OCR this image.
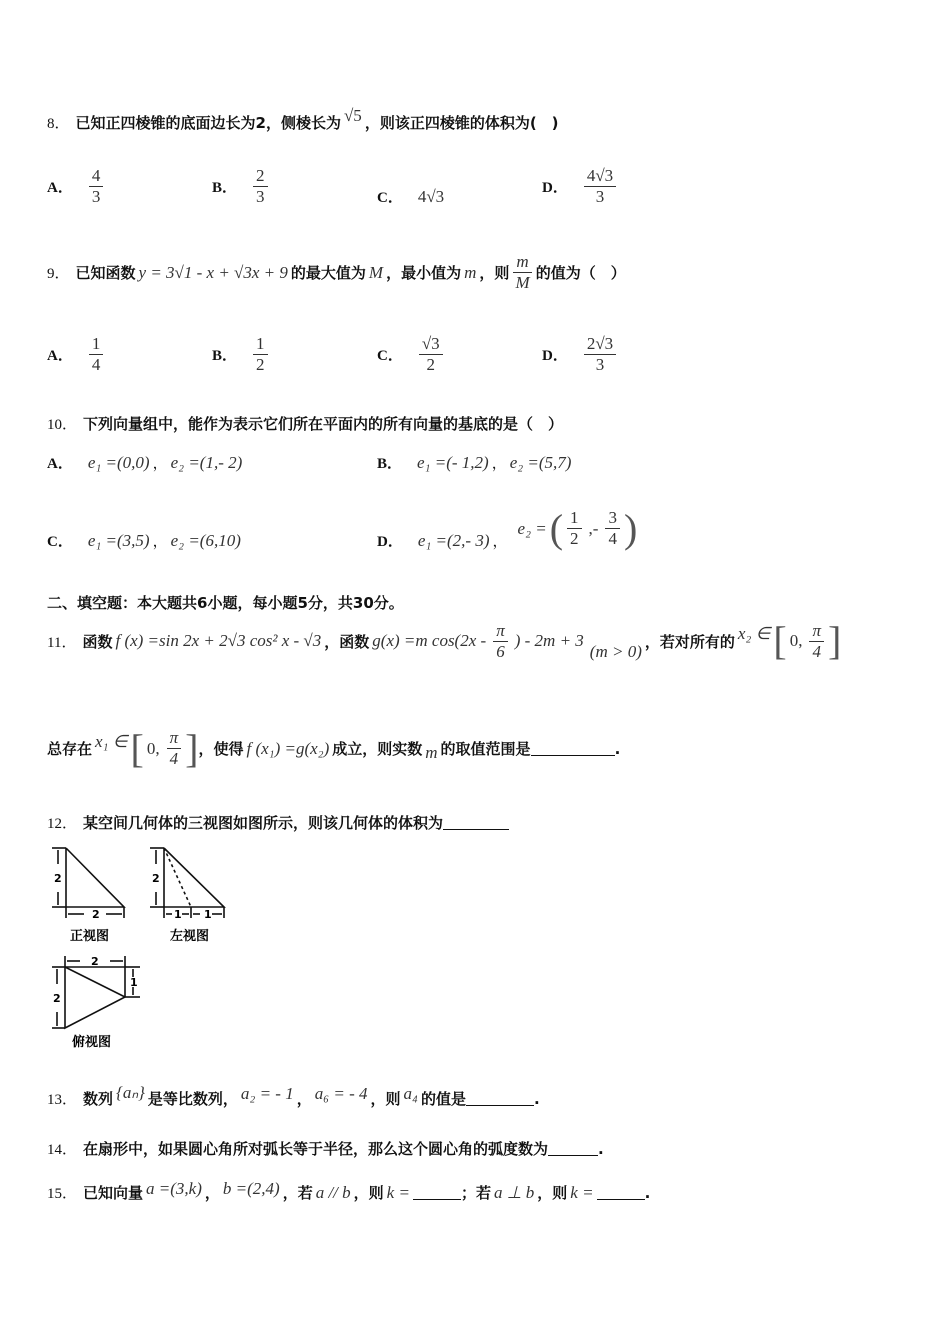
8． 已知正四棱锥的底面边长为2，侧棱长为 √5 ，则该正四棱锥的体积为(　)
A． $\frac{4}{3}$	B． $\frac{2}{3}$	C． 4√3	D． $\frac{4√3}{3}$
9． 已知函数 y = 3√1 - x + √3x + 9 的最大值为 M ，最小值为 m ，则 $\frac{m}{M}$ 的值为（　）
A． $\frac{1}{4}$	B． $\frac{1}{2}$	C． $\frac{√3}{2}$	D． $\frac{2√3}{3}$
10． 下列向量组中，能作为表示它们所在平面内的所有向量的基底的是（　）
A． e₁ =(0,0) ， e₂ =(1,- 2)	B． e₁ =(- 1,2) ， e₂ =(5,7)
C． e₁ =(3,5) ， e₂ =(6,10)	D． e₁ =(2,- 3) ，
e₂ = ( $\frac{1}{2}$ ,- $\frac{3}{4}$ )
二、填空题：本大题共6小题，每小题5分，共30分。
11． 函数 f (x) =sin 2x + 2√3 cos² x - √3 ，函数 g(x) =m $\cos(2x - \frac{\pi}{6}$ ) - 2m + 3
(m > 0)
，若对所有的 x₂ ∈ [ 0, $\frac{\pi}{4}$ ]
总存在 x₁ ∈ [ 0, $\frac{\pi}{4}$ ] ，使得 f (x₁) =g(x₂) 成立，则实数 m 的取值范围是	.
12． 某空间几何体的三视图如图所示，则该几何体的体积为
2
2
正视图
2
1 1
左视图
2
2
1
俯视图
13． 数列 {aₙ} 是等比数列， a₂ = - 1 ， a₆ = - 4 ，则 a₄ 的值是	.
14． 在扇形中，如果圆心角所对弧长等于半径，那么这个圆心角的弧度数为	.
15． 已知向量 a =(3,k) ， b =(2,4) ，若 a // b ，则 k =	；若 a ⊥ b ，则 k =	.
